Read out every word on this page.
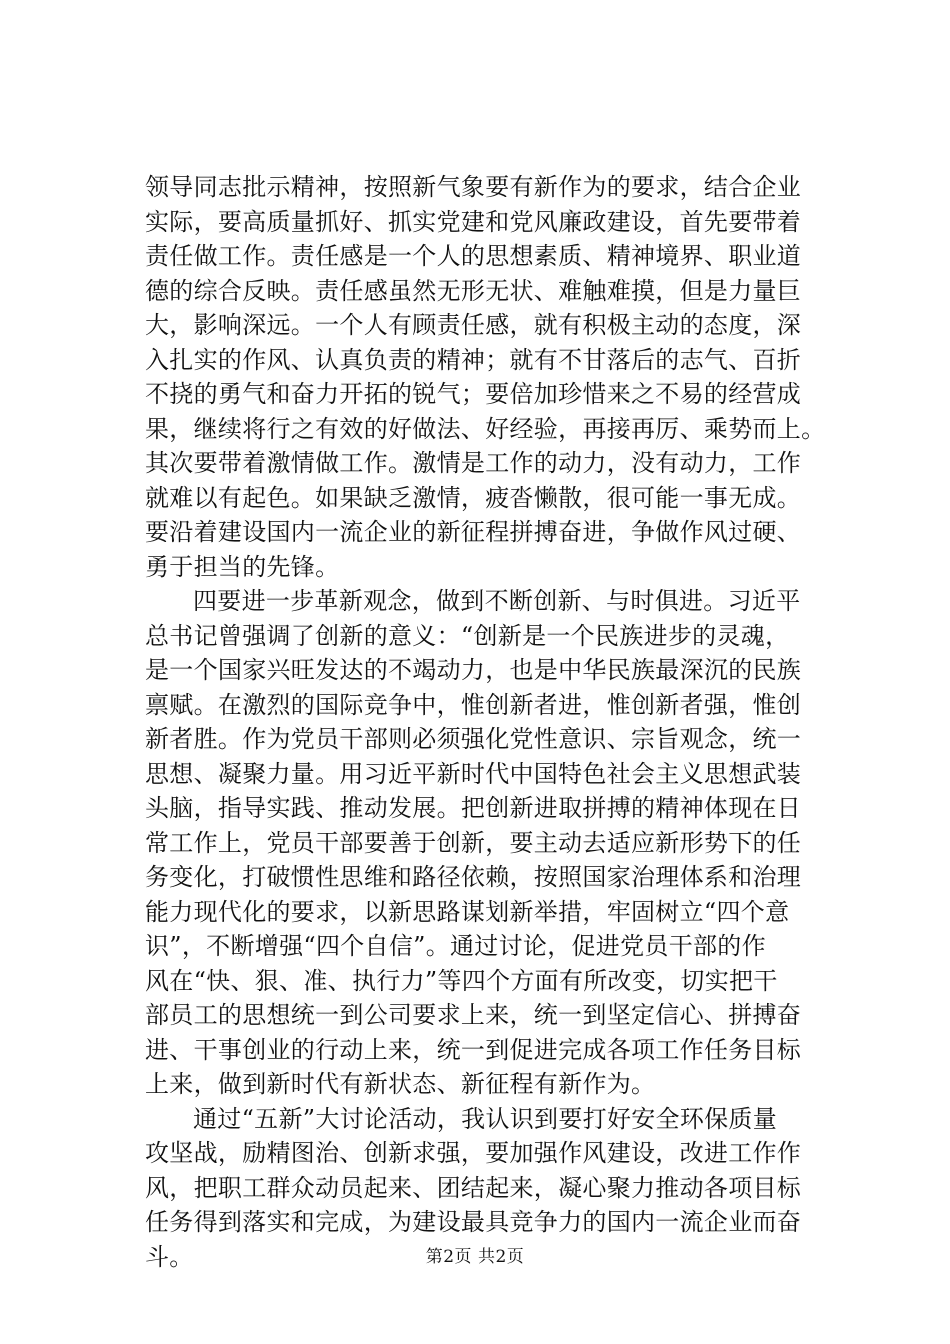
领导同志批示精神，按照新气象要有新作为的要求，结合企业
实际，要高质量抓好、抓实党建和党风廉政建设，首先要带着
责任做工作。责任感是一个人的思想素质、精神境界、职业道
德的综合反映。责任感虽然无形无状、难触难摸，但是力量巨
大，影响深远。一个人有顾责任感，就有积极主动的态度，深
入扎实的作风、认真负责的精神；就有不甘落后的志气、百折
不挠的勇气和奋力开拓的锐气；要倍加珍惜来之不易的经营成
果，继续将行之有效的好做法、好经验，再接再厉、乘势而上。
其次要带着激情做工作。激情是工作的动力，没有动力，工作
就难以有起色。如果缺乏激情，疲沓懒散，很可能一事无成。
要沿着建设国内一流企业的新征程拼搏奋进，争做作风过硬、
勇于担当的先锋。
四要进一步革新观念，做到不断创新、与时俱进。习近平
总书记曾强调了创新的意义：“创新是一个民族进步的灵魂，
是一个国家兴旺发达的不竭动力，也是中华民族最深沉的民族
禀赋。在激烈的国际竞争中，惟创新者进，惟创新者强，惟创
新者胜。作为党员干部则必须强化党性意识、宗旨观念，统一
思想、凝聚力量。用习近平新时代中国特色社会主义思想武装
头脑，指导实践、推动发展。把创新进取拼搏的精神体现在日
常工作上，党员干部要善于创新，要主动去适应新形势下的任
务变化，打破惯性思维和路径依赖，按照国家治理体系和治理
能力现代化的要求，以新思路谋划新举措，牢固树立“四个意
识”，不断增强“四个自信”。通过讨论，促进党员干部的作
风在“快、狠、准、执行力”等四个方面有所改变，切实把干
部员工的思想统一到公司要求上来，统一到坚定信心、拼搏奋
进、干事创业的行动上来，统一到促进完成各项工作任务目标
上来，做到新时代有新状态、新征程有新作为。
通过“五新”大讨论活动，我认识到要打好安全环保质量
攻坚战，励精图治、创新求强，要加强作风建设，改进工作作
风，把职工群众动员起来、团结起来，凝心聚力推动各项目标
任务得到落实和完成，为建设最具竞争力的国内一流企业而奋
斗。	第2页 共2页
